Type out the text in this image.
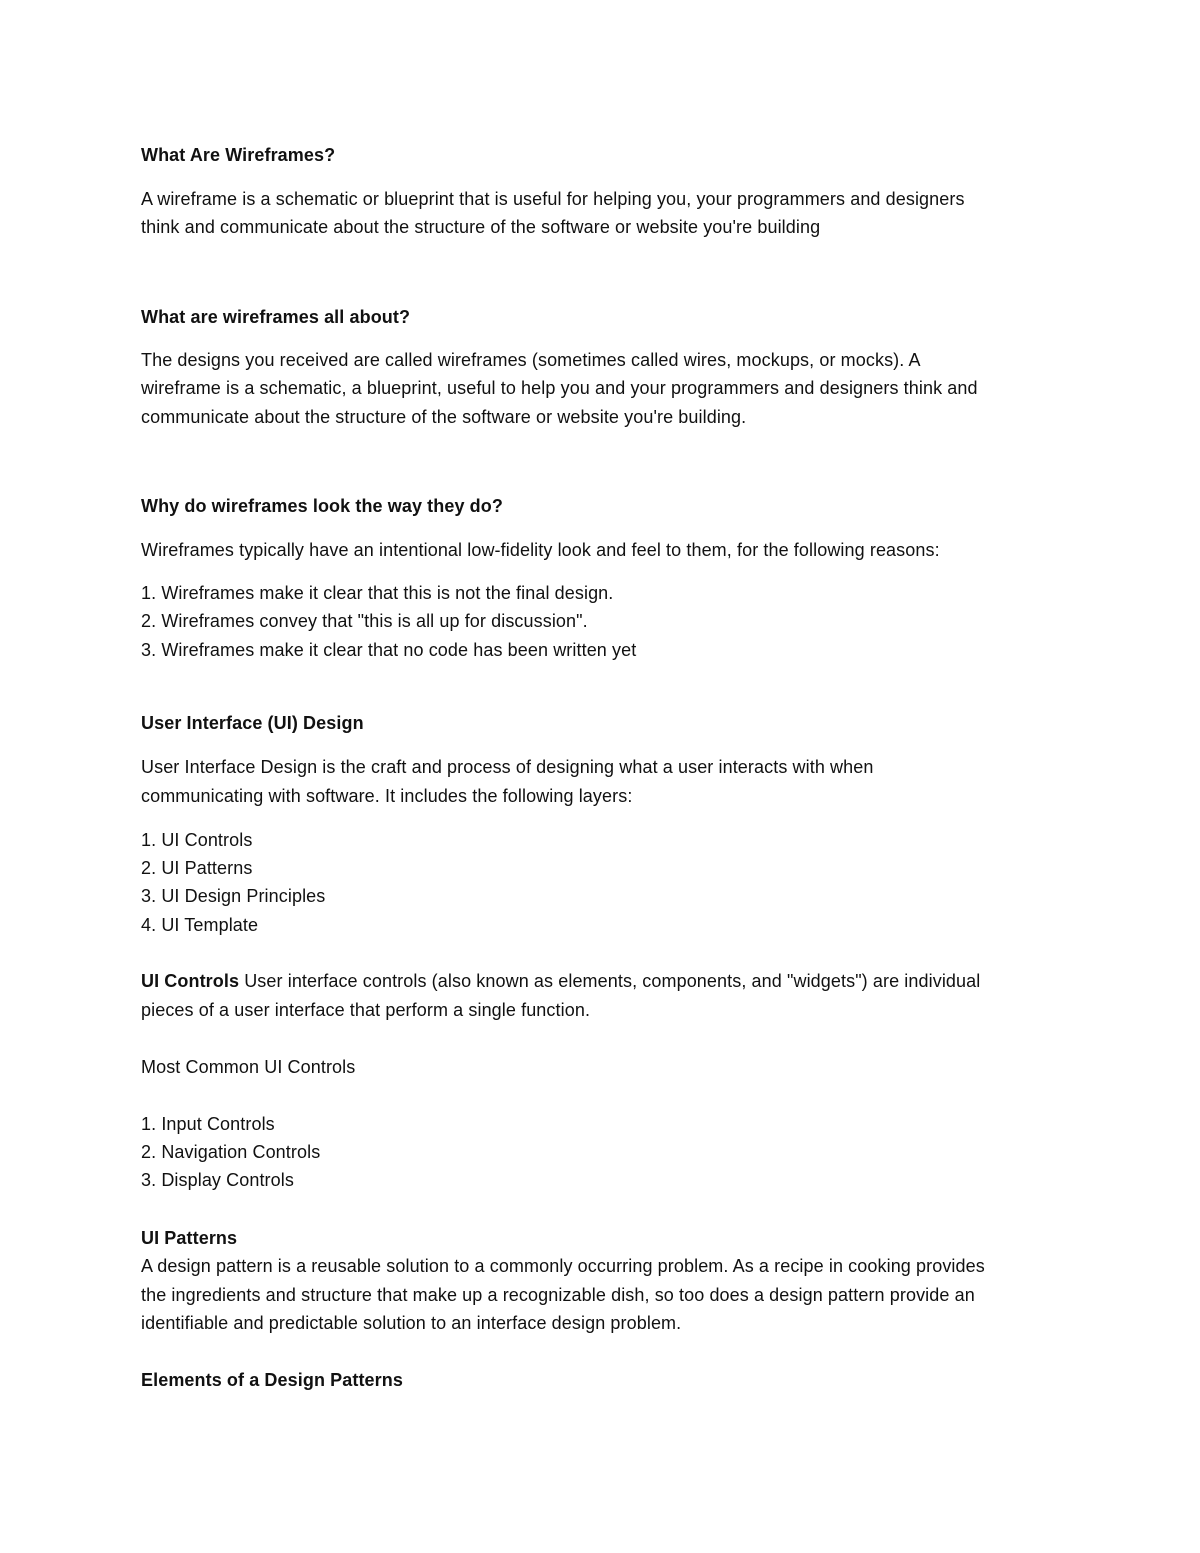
What Are Wireframes?
A wireframe is a schematic or blueprint that is useful for helping you, your programmers and designers
think and communicate about the structure of the software or website you're building
What are wireframes all about?
The designs you received are called wireframes (sometimes called wires, mockups, or mocks). A
wireframe is a schematic, a blueprint, useful to help you and your programmers and designers think and
communicate about the structure of the software or website you're building.
Why do wireframes look the way they do?
Wireframes typically have an intentional low-fidelity look and feel to them, for the following reasons:
1. Wireframes make it clear that this is not the final design.
2. Wireframes convey that "this is all up for discussion".
3. Wireframes make it clear that no code has been written yet
User Interface (UI) Design
User Interface Design is the craft and process of designing what a user interacts with when
communicating with software. It includes the following layers:
1. UI Controls
2. UI Patterns
3. UI Design Principles
4. UI Template
UI Controls User interface controls (also known as elements, components, and "widgets") are individual
pieces of a user interface that perform a single function.
Most Common UI Controls
1. Input Controls
2. Navigation Controls
3. Display Controls
UI Patterns
A design pattern is a reusable solution to a commonly occurring problem. As a recipe in cooking provides
the ingredients and structure that make up a recognizable dish, so too does a design pattern provide an
identifiable and predictable solution to an interface design problem.
Elements of a Design Patterns
